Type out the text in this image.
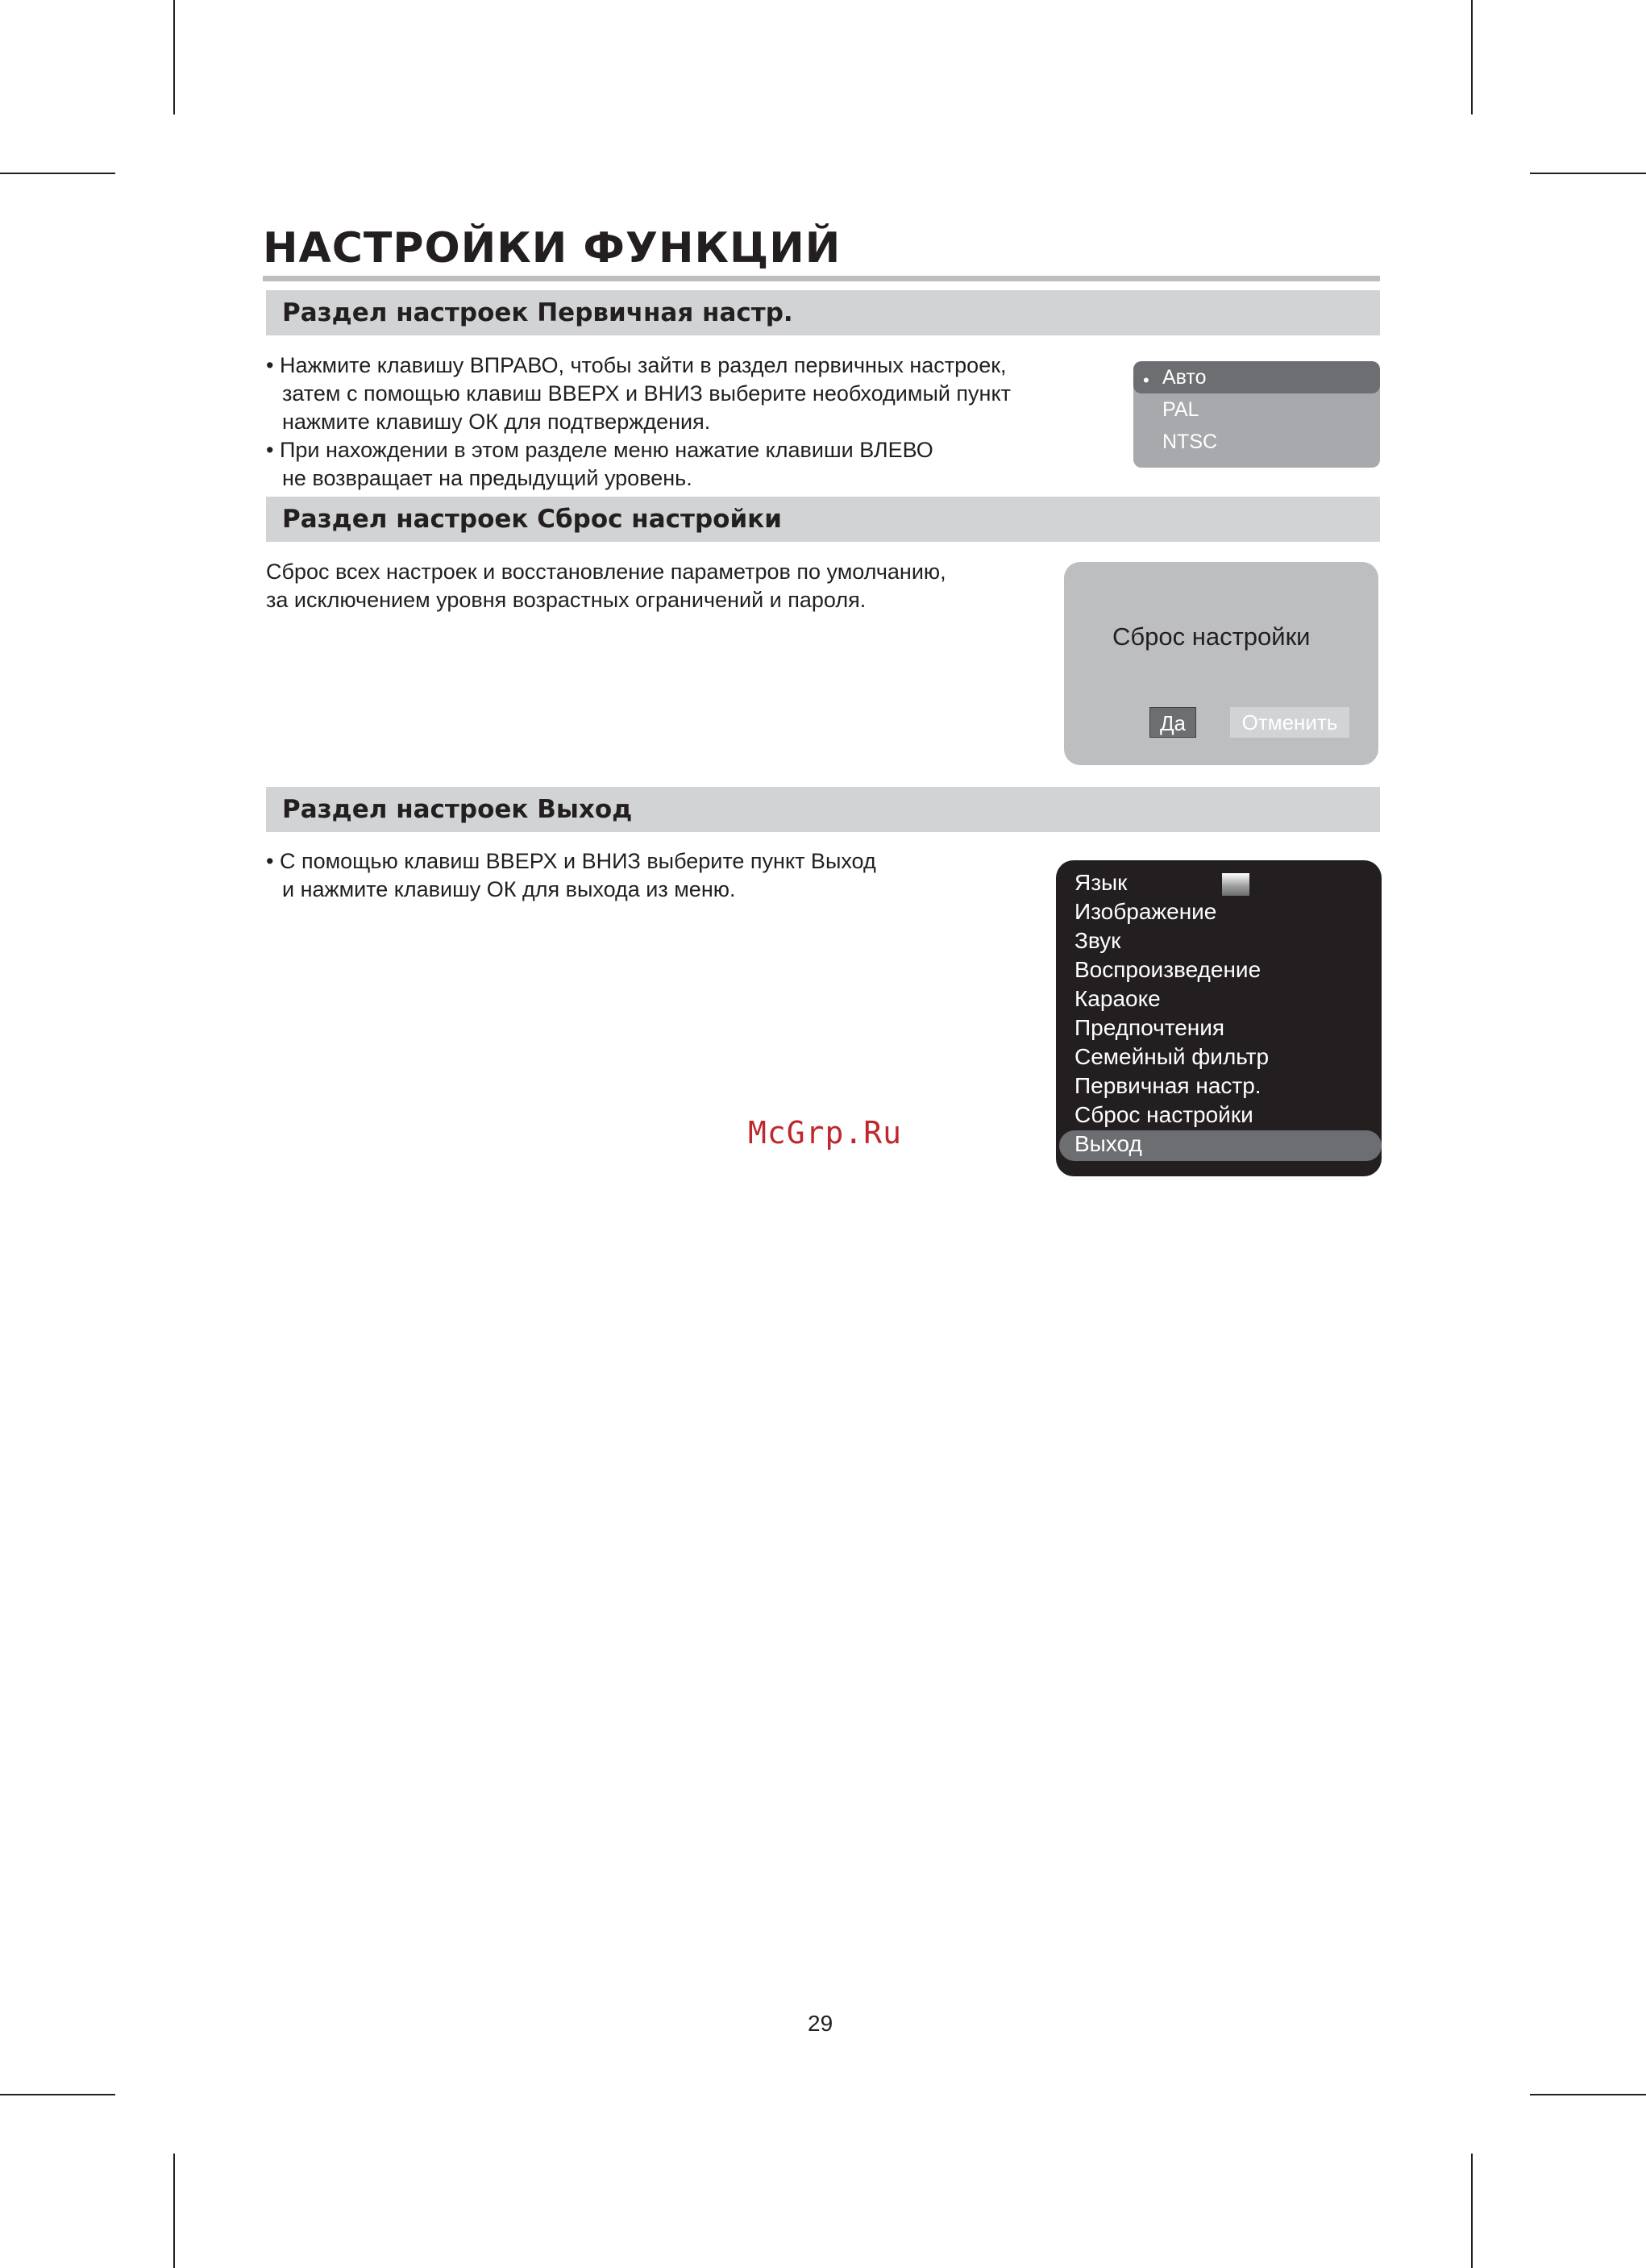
НАСТРОЙКИ ФУНКЦИЙ
Раздел настроек Первичная настр.

• Нажмите клавишу ВПРАВО, чтобы зайти в раздел первичных настроек,

затем с помощью клавиш ВВЕРХ и ВНИЗ выберите необходимый пункт

нажмите клавишу ОК для подтверждения.

• При нахождении в этом разделе меню нажатие клавиши ВЛЕВО

не возвращает на предыдущий уровень.

• Авто
PAL
NTSC
Раздел настроек Сброс настройки

Сброс всех настроек и восстановление параметров по умолчанию,

за исключением уровня возрастных ограничений и пароля.

Сброс настройки
Да	Отменить
Раздел настроек Выход

• С помощью клавиш ВВЕРХ и ВНИЗ выберите пункт Выход

и нажмите клавишу ОК для выхода из меню.	Язык
Изображение
Звук
Воспроизведение
Караоке
Предпочтения
Семейный фильтр
Первичная настр.
Сброс настройки
Выход
McGrp.Ru
29
